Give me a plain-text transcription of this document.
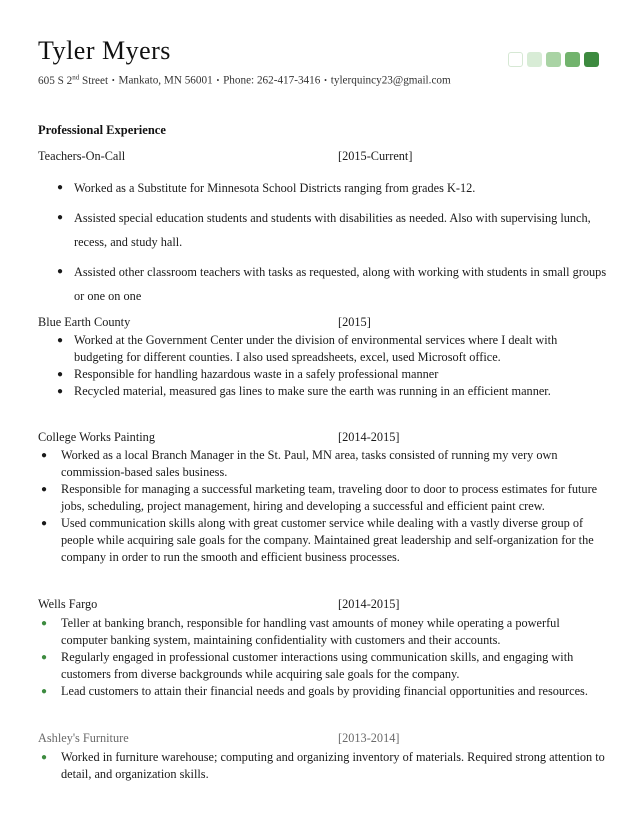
Tyler Myers
605 S 2nd Street • Mankato, MN 56001 • Phone: 262-417-3416 • tylerquincy23@gmail.com
Professional Experience
Teachers-On-Call	[2015-Current]
● Worked as a Substitute for Minnesota School Districts ranging from grades K-12.
● Assisted special education students and students with disabilities as needed. Also with supervising lunch, recess, and study hall.
● Assisted other classroom teachers with tasks as requested, along with working with students in small groups or one on one
Blue Earth County	[2015]
● Worked at the Government Center under the division of environmental services where I dealt with budgeting for different counties. I also used spreadsheets, excel, used Microsoft office.
● Responsible for handling hazardous waste in a safely professional manner
● Recycled material, measured gas lines to make sure the earth was running in an efficient manner.
College Works Painting	[2014-2015]
● Worked as a local Branch Manager in the St. Paul, MN area, tasks consisted of running my very own commission-based sales business.
● Responsible for managing a successful marketing team, traveling door to door to process estimates for future jobs, scheduling, project management, hiring and developing a successful and efficient paint crew.
● Used communication skills along with great customer service while dealing with a vastly diverse group of people while acquiring sale goals for the company. Maintained great leadership and self-organization for the company in order to run the smooth and efficient business processes.
Wells Fargo	[2014-2015]
● Teller at banking branch, responsible for handling vast amounts of money while operating a powerful computer banking system, maintaining confidentiality with customers and their accounts.
● Regularly engaged in professional customer interactions using communication skills, and engaging with customers from diverse backgrounds while acquiring sale goals for the company.
● Lead customers to attain their financial needs and goals by providing financial opportunities and resources.
Ashley's Furniture	[2013-2014]
● Worked in furniture warehouse; computing and organizing inventory of materials. Required strong attention to detail, and organization skills.
